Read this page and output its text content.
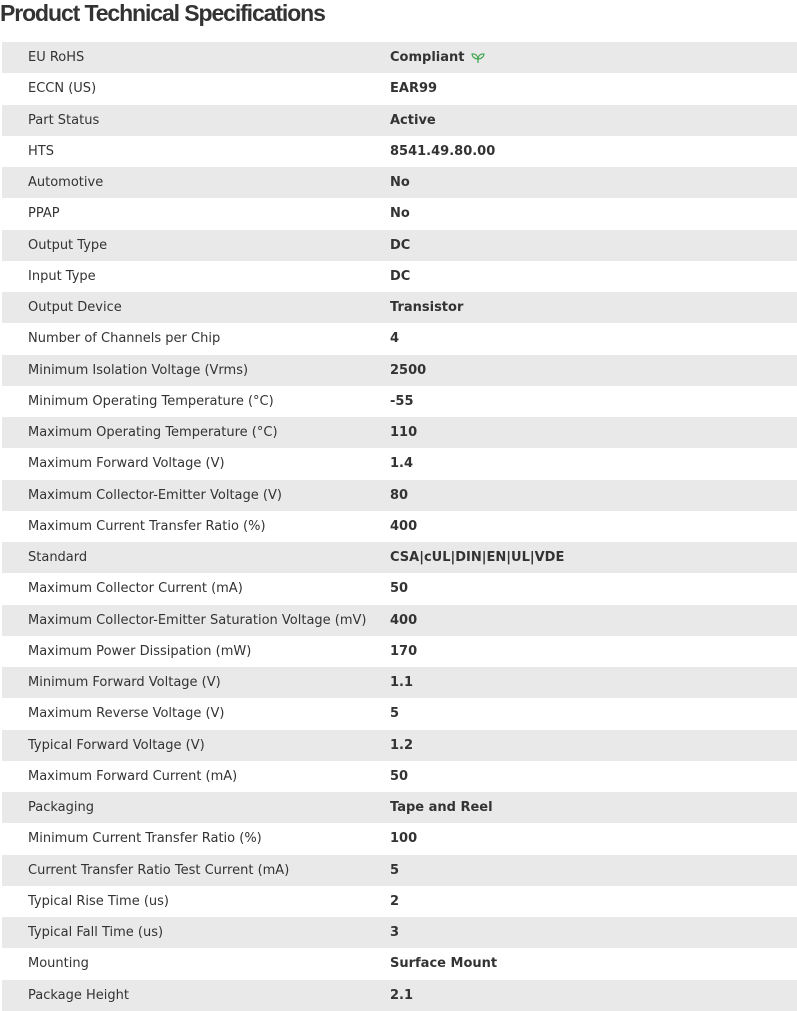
Product Technical Specifications
EU RoHS	Compliant
ECCN (US)	EAR99
Part Status	Active
HTS	8541.49.80.00
Automotive	No
PPAP	No
Output Type	DC
Input Type	DC
Output Device	Transistor
Number of Channels per Chip	4
Minimum Isolation Voltage (Vrms)	2500
Minimum Operating Temperature (°C)	-55
Maximum Operating Temperature (°C)	110
Maximum Forward Voltage (V)	1.4
Maximum Collector-Emitter Voltage (V)	80
Maximum Current Transfer Ratio (%)	400
Standard	CSA|cUL|DIN|EN|UL|VDE
Maximum Collector Current (mA)	50
Maximum Collector-Emitter Saturation Voltage (mV)	400
Maximum Power Dissipation (mW)	170
Minimum Forward Voltage (V)	1.1
Maximum Reverse Voltage (V)	5
Typical Forward Voltage (V)	1.2
Maximum Forward Current (mA)	50
Packaging	Tape and Reel
Minimum Current Transfer Ratio (%)	100
Current Transfer Ratio Test Current (mA)	5
Typical Rise Time (us)	2
Typical Fall Time (us)	3
Mounting	Surface Mount
Package Height	2.1
